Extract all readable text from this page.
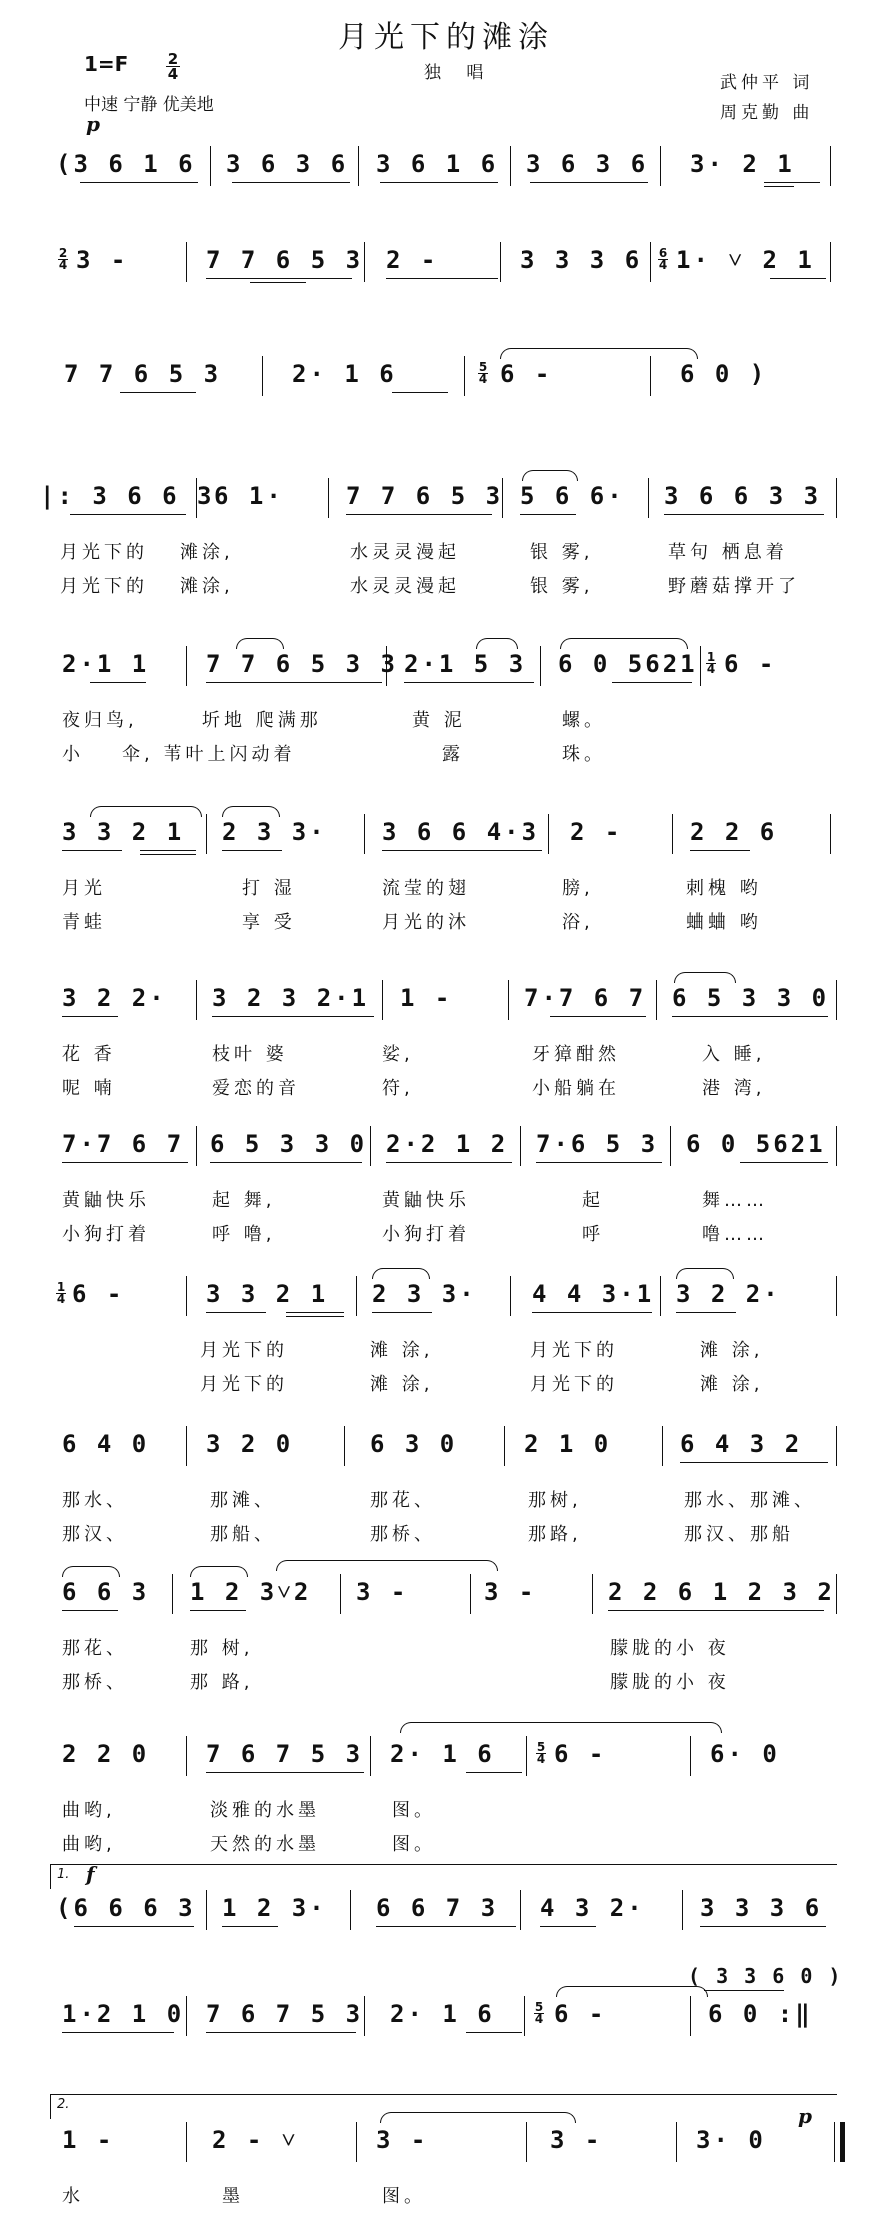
月光下的滩涂
1=F	2
4
中速 宁静 优美地
独 唱	武仲平 词
周克勤 曲
p
(3 6 1 6 3 6 3 6 3 6 1 6 3 6 3 6 3· 2 1
2
4 3 -	7 7 6 5 3 2 -	3 3 3 6 6
4 1· ˅ 2 1
7 7 6 5 3	2· 1 6	5
4 6 -	6 0 )
|: 3 6 6 3 6 1·	7 7 6 5 3 5 6 6· 3 6 6 3 3
月光下的 滩涂,	水灵灵漫起	银 雾,	草句 栖息着
月光下的 滩涂,	水灵灵漫起	银 雾,	野蘑菇撑开了
2·1 1 7 7 6 5 3 3 2·1 5 3 6 0 5621 1
4 6 -
夜归鸟,	圻地 爬满那	黄 泥	螺。
小 伞, 苇叶上闪动着	露	珠。
3 3 2 1 2 3 3· 3 6 6 4·3 2 -	2 2 6
月光	打 湿	流莹的翅	膀,	刺槐 哟
青蛙	享 受	月光的沐	浴,	蛐蛐 哟
3 2 2· 3 2 3 2·1 1 -	7·7 6 7 6 5 3 3 0
花 香	枝叶 婆	娑,	牙獐酣然	入 睡,
呢 喃	爱恋的音	符,	小船躺在	港 湾,
7·7 6 7 6 5 3 3 0 2·2 1 2 7·6 5 3 6 0 5621
黄鼬快乐	起 舞,	黄鼬快乐	起	舞……
小狗打着	呼 噜,	小狗打着	呼	噜……
1
4 6 -	3 3 2 1 2 3 3· 4 4 3·1 3 2 2·
月光下的	滩 涂,	月光下的	滩 涂,
月光下的	滩 涂,	月光下的	滩 涂,
6 4 0 3 2 0	6 3 0	2 1 0	6 4 3 2
那水、	那滩、	那花、	那树,	那水、那滩、
那汉、	那船、	那桥、	那路,	那汉、那船
6 6 3 1 2 3˅2 3 -	3 -	2 2 6 1 2 3 2
那花、	那 树,	朦胧的小 夜
那桥、	那 路,	朦胧的小 夜
2 2 0 7 6 7 5 3 2· 1 6	5
4 6 -	6· 0
曲哟,	淡雅的水墨	图。
曲哟,	天然的水墨	图。
1. f
(6 6 6 3 1 2 3· 6 6 7 3 4 3 2· 3 3 3 6
( 3 3 6 0 )
1·2 1 0 7 6 7 5 3 2· 1 6	5
4 6 -	6 0 :‖
2.	p
1 -	2 - ˅	3 -	3 -	3· 0
水	墨	图。
